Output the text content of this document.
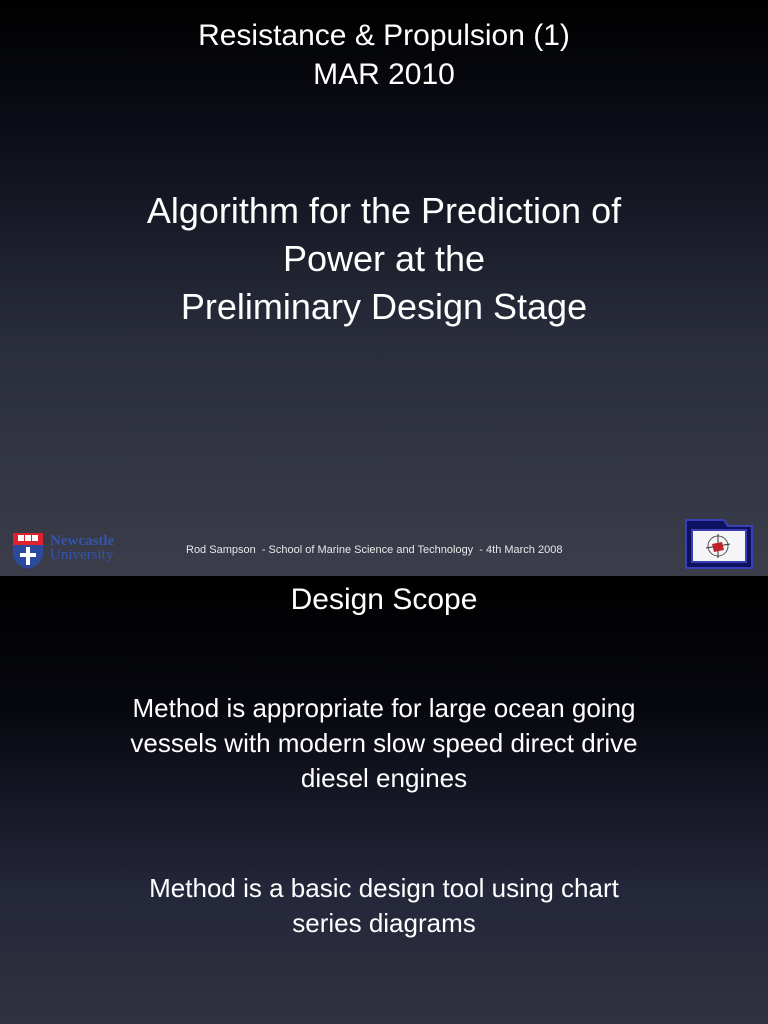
Resistance & Propulsion (1)
MAR 2010
Algorithm for the Prediction of
Power at the
Preliminary Design Stage
Newcastle
University	Rod Sampson  - School of Marine Science and Technology  - 4th March 2008
Design Scope
Method is appropriate for large ocean going
vessels with modern slow speed direct drive
diesel engines
Method is a basic design tool using chart
series diagrams
